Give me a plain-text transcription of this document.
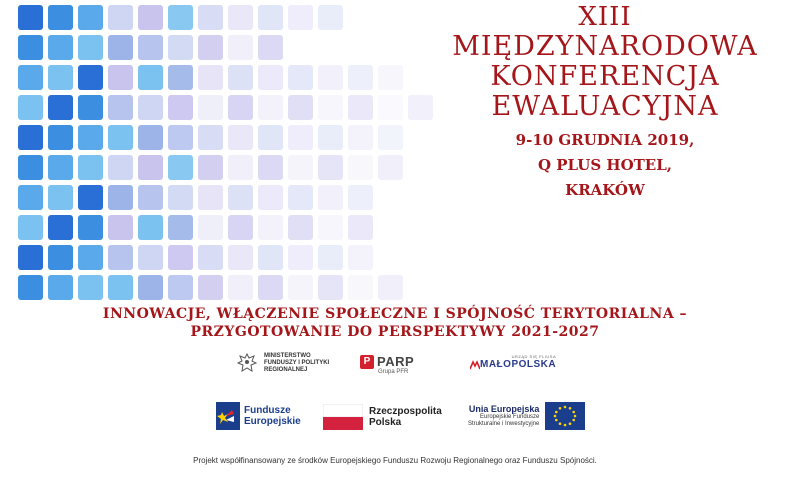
XIII
MIĘDZYNARODOWA
KONFERENCJA
EWALUACYJNA
9-10 GRUDNIA 2019,
Q PLUS HOTEL,
KRAKÓW
INNOWACJE, WŁĄCZENIE SPOŁECZNE I SPÓJNOŚĆ TERYTORIALNA –
PRZYGOTOWANIE DO PERSPEKTYWY 2021-2027
MINISTERSTWO
FUNDUSZY I POLITYKI
REGIONALNEJ
P PARP
Grupa PFR
URZĄD SIĘ FLIUSA
MAŁOPOLSKA
Fundusze
Europejskie
Rzeczpospolita
Polska
Unia Europejska
Europejskie Fundusze
Strukturalne i Inwestycyjne
Projekt współfinansowany ze środków Europejskiego Funduszu Rozwoju Regionalnego oraz Funduszu Spójności.
